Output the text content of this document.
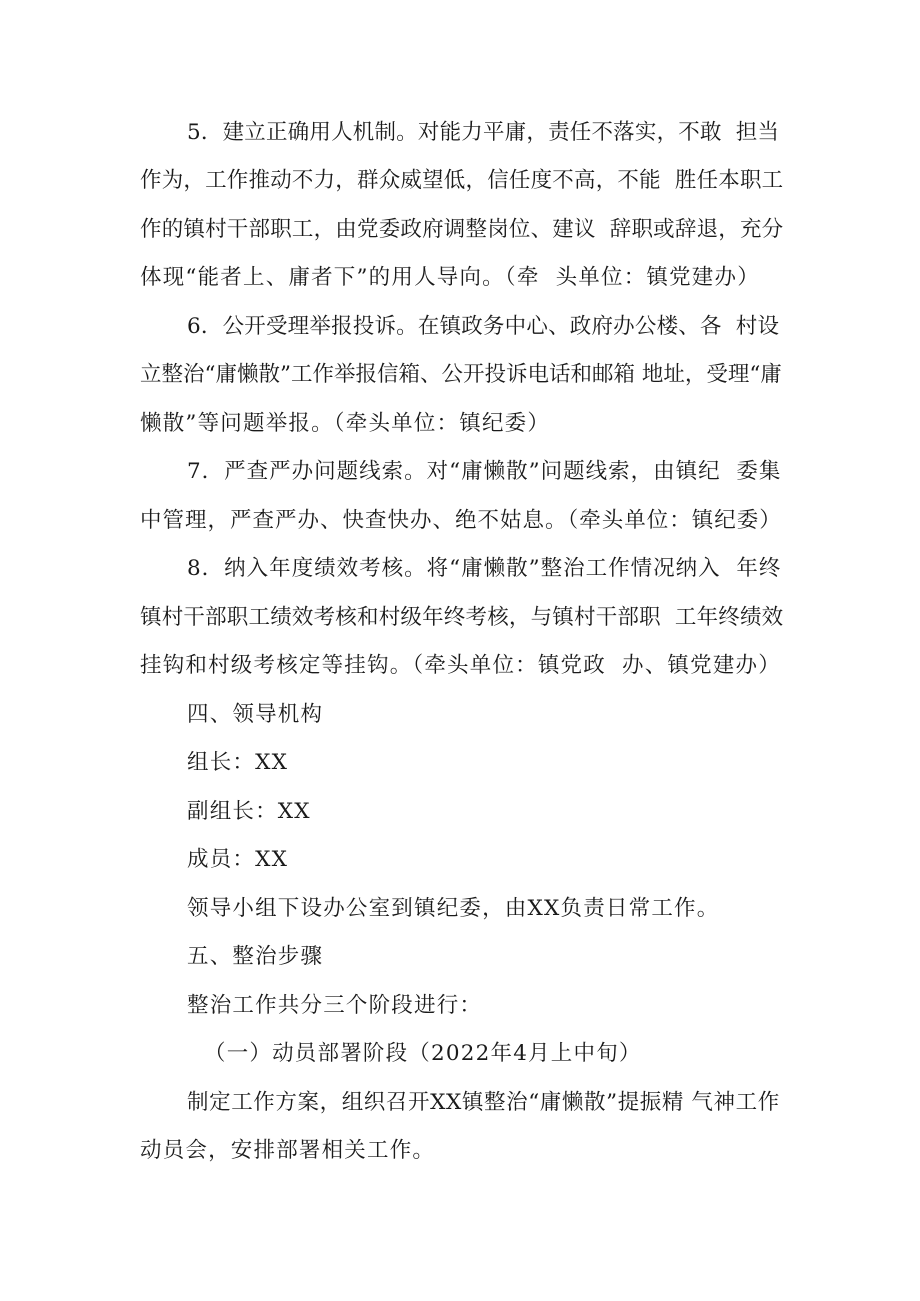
5．建立正确用人机制。对能力平庸，责任不落实，不敢  担当
作为，工作推动不力，群众威望低，信任度不高，不能  胜任本职工
作的镇村干部职工，由党委政府调整岗位、建议  辞职或辞退，充分
体现“能者上、庸者下”的用人导向。（牵  头单位：镇党建办）
6．公开受理举报投诉。在镇政务中心、政府办公楼、各  村设
立整治“庸懒散”工作举报信箱、公开投诉电话和邮箱 地址，受理“庸
懒散”等问题举报。（牵头单位：镇纪委）
7．严查严办问题线索。对“庸懒散”问题线索，由镇纪  委集
中管理，严查严办、快查快办、绝不姑息。（牵头单位：镇纪委）
8．纳入年度绩效考核。将“庸懒散”整治工作情况纳入  年终
镇村干部职工绩效考核和村级年终考核，与镇村干部职  工年终绩效
挂钩和村级考核定等挂钩。（牵头单位：镇党政  办、镇党建办）
四、领导机构
组长：XX
副组长：XX
成员：XX
领导小组下设办公室到镇纪委，由XX负责日常工作。
五、整治步骤
整治工作共分三个阶段进行：
（一）动员部署阶段（2022年4月上中旬）
制定工作方案，组织召开XX镇整治“庸懒散”提振精 气神工作
动员会，安排部署相关工作。
